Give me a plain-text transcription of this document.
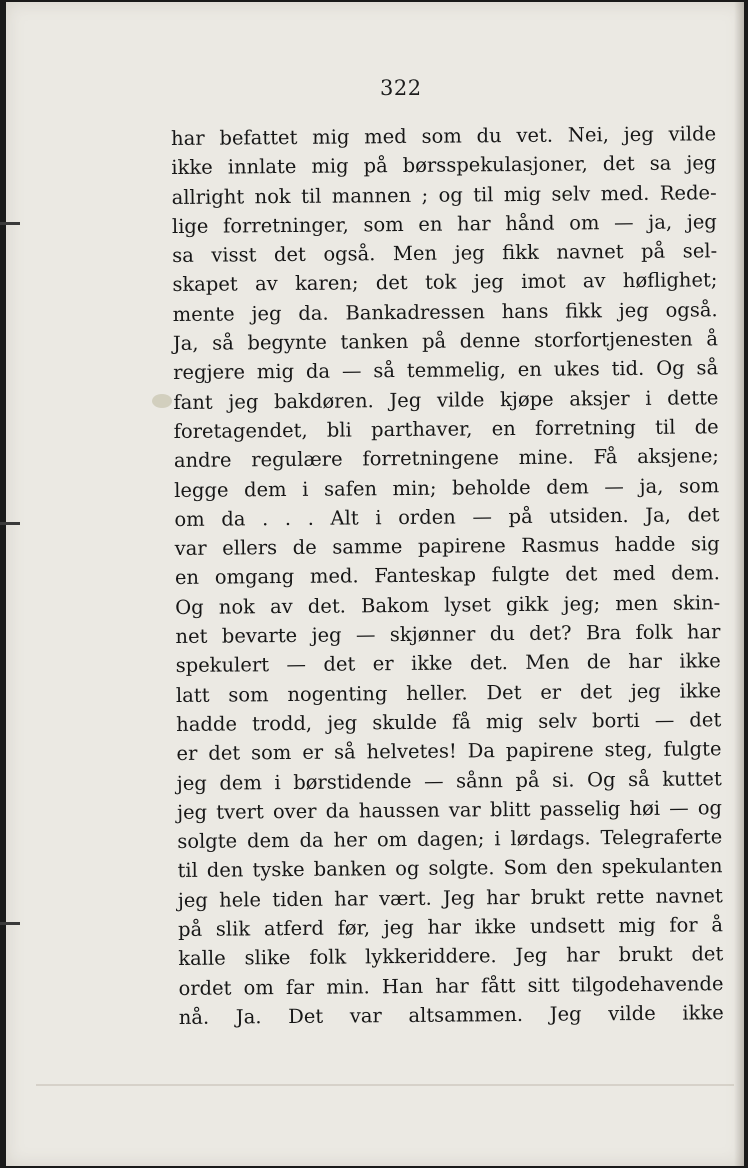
322
har befattet mig med som du vet. Nei, jeg vilde
ikke innlate mig på børsspekulasjoner, det sa jeg
allright nok til mannen ; og til mig selv med. Rede-
lige forretninger, som en har hånd om — ja, jeg
sa visst det også. Men jeg fikk navnet på sel-
skapet av karen; det tok jeg imot av høflighet;
mente jeg da. Bankadressen hans fikk jeg også.
Ja, så begynte tanken på denne storfortjenesten å
regjere mig da — så temmelig, en ukes tid. Og så
fant jeg bakdøren. Jeg vilde kjøpe aksjer i dette
foretagendet, bli parthaver, en forretning til de
andre regulære forretningene mine. Få aksjene;
legge dem i safen min; beholde dem — ja, som
om da . . . Alt i orden — på utsiden. Ja, det
var ellers de samme papirene Rasmus hadde sig
en omgang med. Fanteskap fulgte det med dem.
Og nok av det. Bakom lyset gikk jeg; men skin-
net bevarte jeg — skjønner du det? Bra folk har
spekulert — det er ikke det. Men de har ikke
latt som nogenting heller. Det er det jeg ikke
hadde trodd, jeg skulde få mig selv borti — det
er det som er så helvetes! Da papirene steg, fulgte
jeg dem i børstidende — sånn på si. Og så kuttet
jeg tvert over da haussen var blitt passelig høi — og
solgte dem da her om dagen; i lørdags. Telegraferte
til den tyske banken og solgte. Som den spekulanten
jeg hele tiden har vært. Jeg har brukt rette navnet
på slik atferd før, jeg har ikke undsett mig for å
kalle slike folk lykkeriddere. Jeg har brukt det
ordet om far min. Han har fått sitt tilgodehavende
nå. Ja. Det var altsammen. Jeg vilde ikke
